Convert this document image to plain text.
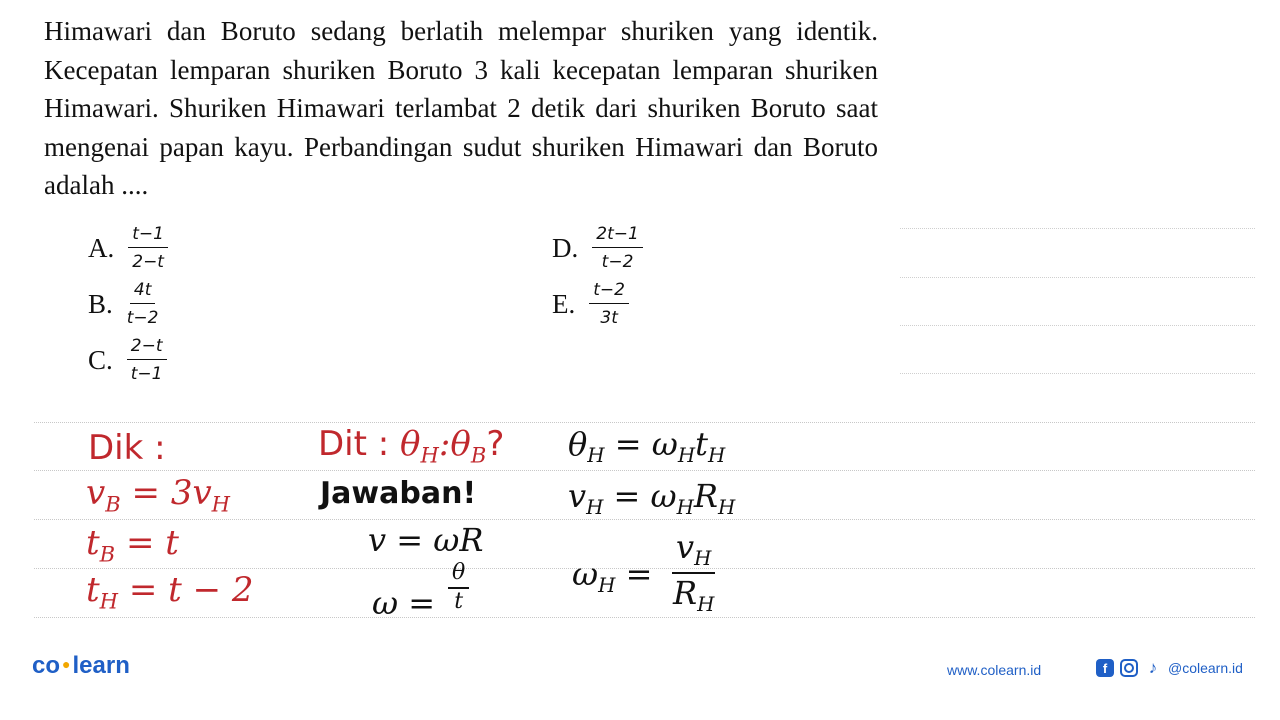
Himawari dan Boruto sedang berlatih melempar shuriken yang identik. Kecepatan lemparan shuriken Boruto 3 kali kecepatan lemparan shuriken Himawari. Shuriken Himawari terlambat 2 detik dari shuriken Boruto saat mengenai papan kayu. Perbandingan sudut shuriken Himawari dan Boruto adalah ....
A. $\frac{t-1}{2-t}$
B. $\frac{4t}{t-2}$
C. $\frac{2-t}{t-1}$
D. $\frac{2t-1}{t-2}$
E. $\frac{t-2}{3t}$
Dik :
$v_B = 3v_H$
$t_B = t$
$t_H = t - 2$
Dit : $\theta_H:\theta_B$?
Jawaban!
v = ωR
ω =
θ
t
$\theta_H = \omega_Ht_H$
$v_H = \omega_HR_H$
$\omega_H$ =
$v_H$
$R_H$
co ●learn	www.colearn.id	f	♪ @colearn.id
